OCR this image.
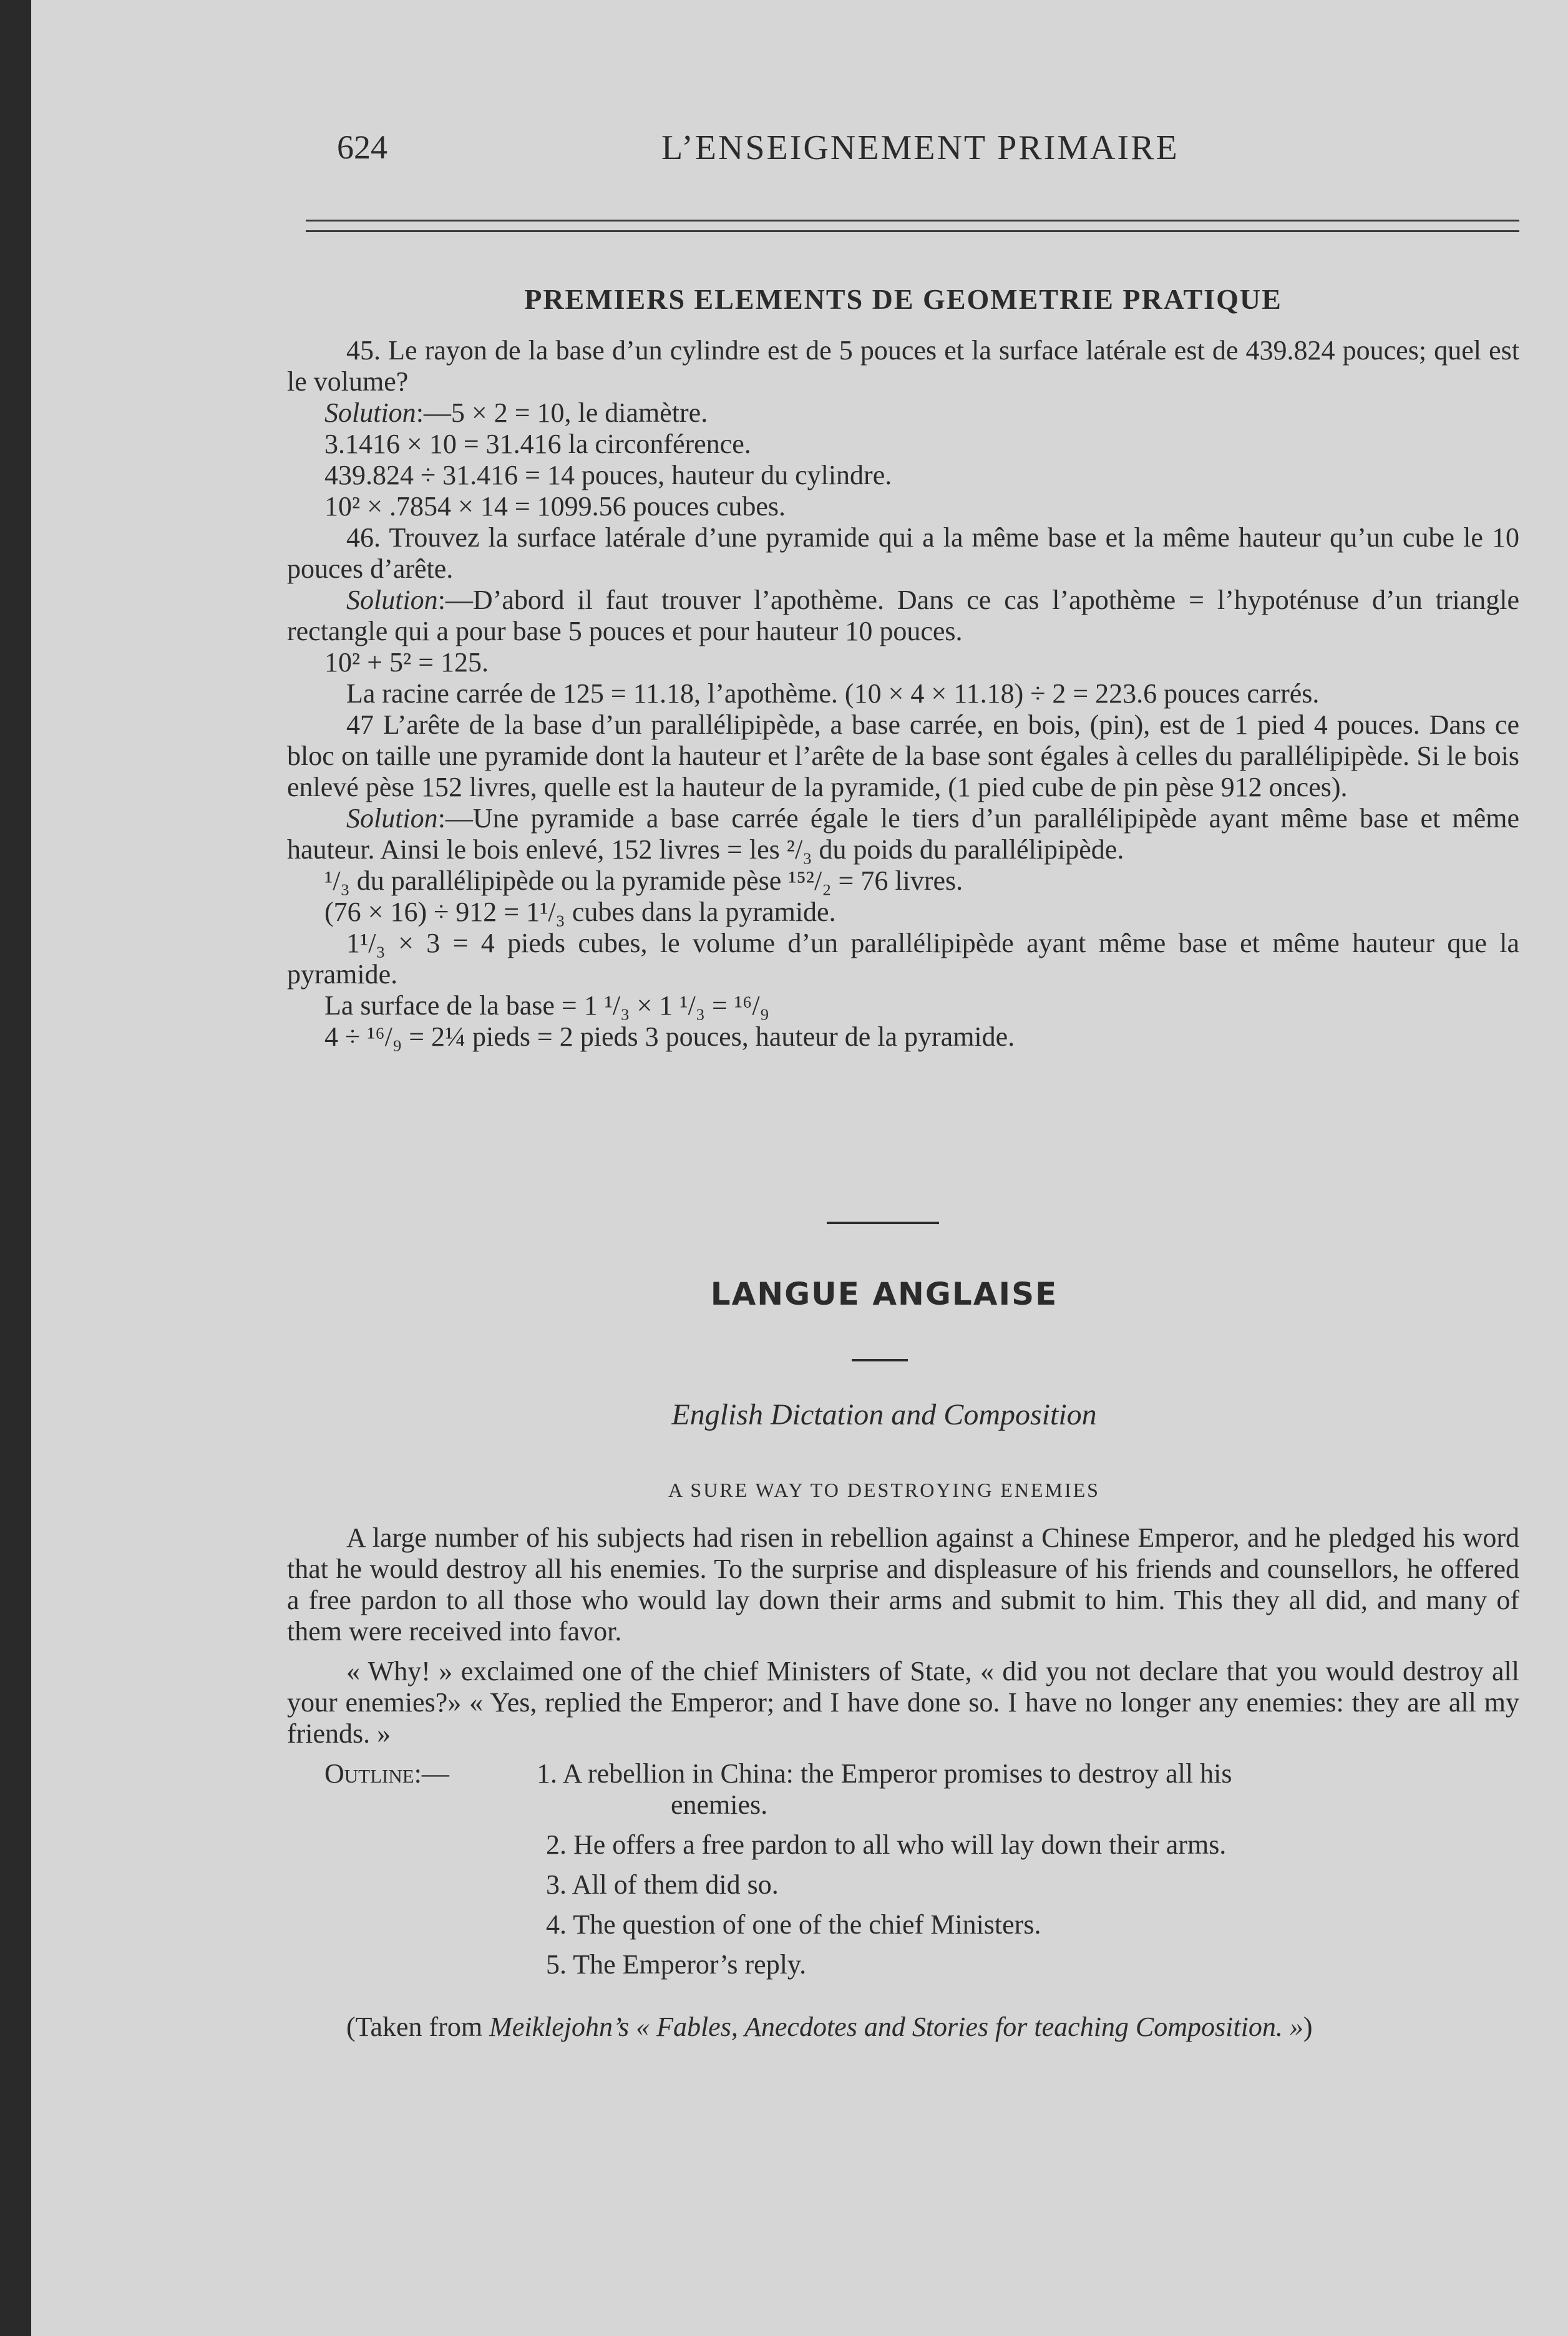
624	L’ENSEIGNEMENT PRIMAIRE
PREMIERS ELEMENTS DE GEOMETRIE PRATIQUE

45. Le rayon de la base d’un cylindre est de 5 pouces et la surface latérale est de 439.824 pouces; quel est le volume?

Solution:—5 × 2 = 10, le diamètre.

3.1416 × 10 = 31.416 la circonférence.

439.824 ÷ 31.416 = 14 pouces, hauteur du cylindre.

10² × .7854 × 14 = 1099.56 pouces cubes.

46. Trouvez la surface latérale d’une pyramide qui a la même base et la même hauteur qu’un cube le 10 pouces d’arête.

Solution:—D’abord il faut trouver l’apothème. Dans ce cas l’apothème = l’hypoténuse d’un triangle rectangle qui a pour base 5 pouces et pour hauteur 10 pouces.

10² + 5² = 125.

La racine carrée de 125 = 11.18, l’apothème. (10 × 4 × 11.18) ÷ 2 = 223.6 pouces carrés.

47 L’arête de la base d’un parallélipipède, a base carrée, en bois, (pin), est de 1 pied 4 pouces. Dans ce bloc on taille une pyramide dont la hauteur et l’arête de la base sont égales à celles du parallélipipède. Si le bois enlevé pèse 152 livres, quelle est la hauteur de la pyramide, (1 pied cube de pin pèse 912 onces).

Solution:—Une pyramide a base carrée égale le tiers d’un parallélipipède ayant même base et même hauteur. Ainsi le bois enlevé, 152 livres = les ²/₃ du poids du parallélipipède.

¹/₃ du parallélipipède ou la pyramide pèse ¹⁵²/₂ = 76 livres.

(76 × 16) ÷ 912 = 1¹/₃ cubes dans la pyramide.

1¹/₃ × 3 = 4 pieds cubes, le volume d’un parallélipipède ayant même base et même hauteur que la pyramide.

La surface de la base = 1 ¹/₃ × 1 ¹/₃ = ¹⁶/₉

4 ÷ ¹⁶/₉ = 2¼ pieds = 2 pieds 3 pouces, hauteur de la pyramide.

LANGUE ANGLAISE
English Dictation and Composition
A SURE WAY TO DESTROYING ENEMIES

A large number of his subjects had risen in rebellion against a Chinese Emperor, and he pledged his word that he would destroy all his enemies. To the surprise and displeasure of his friends and counsellors, he offered a free pardon to all those who would lay down their arms and submit to him. This they all did, and many of them were received into favor.

« Why! » exclaimed one of the chief Ministers of State, « did you not declare that you would destroy all your enemies?» « Yes, replied the Emperor; and I have done so. I have no longer any enemies: they are all my friends. »

Outline:—	1. A rebellion in China: the Emperor promises to destroy all his

enemies.

2. He offers a free pardon to all who will lay down their arms.

3. All of them did so.

4. The question of one of the chief Ministers.

5. The Emperor’s reply.

(Taken from Meiklejohn’s « Fables, Anecdotes and Stories for teaching Composition. »)
